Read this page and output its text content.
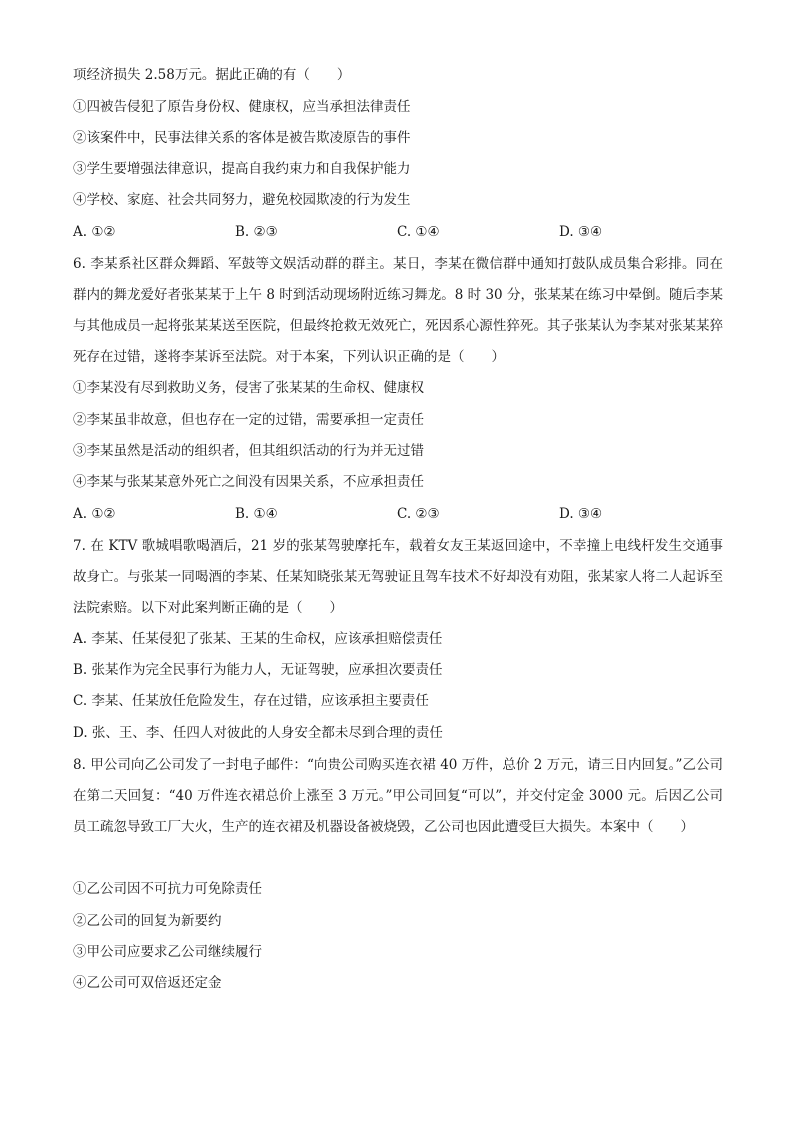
项经济损失 2.58万元。据此正确的有（　　）
①四被告侵犯了原告身份权、健康权，应当承担法律责任
②该案件中，民事法律关系的客体是被告欺凌原告的事件
③学生要增强法律意识，提高自我约束力和自我保护能力
④学校、家庭、社会共同努力，避免校园欺凌的行为发生
A. ①②	B. ②③	C. ①④	D. ③④
6. 李某系社区群众舞蹈、军鼓等文娱活动群的群主。某日，李某在微信群中通知打鼓队成员集合彩排。同在群内的舞龙爱好者张某某于上午 8 时到活动现场附近练习舞龙。8 时 30 分，张某某在练习中晕倒。随后李某与其他成员一起将张某某送至医院，但最终抢救无效死亡，死因系心源性猝死。其子张某认为李某对张某某猝死存在过错，遂将李某诉至法院。对于本案，下列认识正确的是（　　）
①李某没有尽到救助义务，侵害了张某某的生命权、健康权
②李某虽非故意，但也存在一定的过错，需要承担一定责任
③李某虽然是活动的组织者，但其组织活动的行为并无过错
④李某与张某某意外死亡之间没有因果关系，不应承担责任
A. ①②	B. ①④	C. ②③	D. ③④
7. 在 KTV 歌城唱歌喝酒后，21 岁的张某驾驶摩托车，载着女友王某返回途中，不幸撞上电线杆发生交通事故身亡。与张某一同喝酒的李某、任某知晓张某无驾驶证且驾车技术不好却没有劝阻，张某家人将二人起诉至法院索赔。以下对此案判断正确的是（　　）
A. 李某、任某侵犯了张某、王某的生命权，应该承担赔偿责任
B. 张某作为完全民事行为能力人，无证驾驶，应承担次要责任
C. 李某、任某放任危险发生，存在过错，应该承担主要责任
D. 张、王、李、任四人对彼此的人身安全都未尽到合理的责任
8. 甲公司向乙公司发了一封电子邮件：“向贵公司购买连衣裙 40 万件，总价 2 万元，请三日内回复。”乙公司在第二天回复：“40 万件连衣裙总价上涨至 3 万元。”甲公司回复“可以”，并交付定金 3000 元。后因乙公司员工疏忽导致工厂大火，生产的连衣裙及机器设备被烧毁，乙公司也因此遭受巨大损失。本案中（　　）
①乙公司因不可抗力可免除责任
②乙公司的回复为新要约
③甲公司应要求乙公司继续履行
④乙公司可双倍返还定金
